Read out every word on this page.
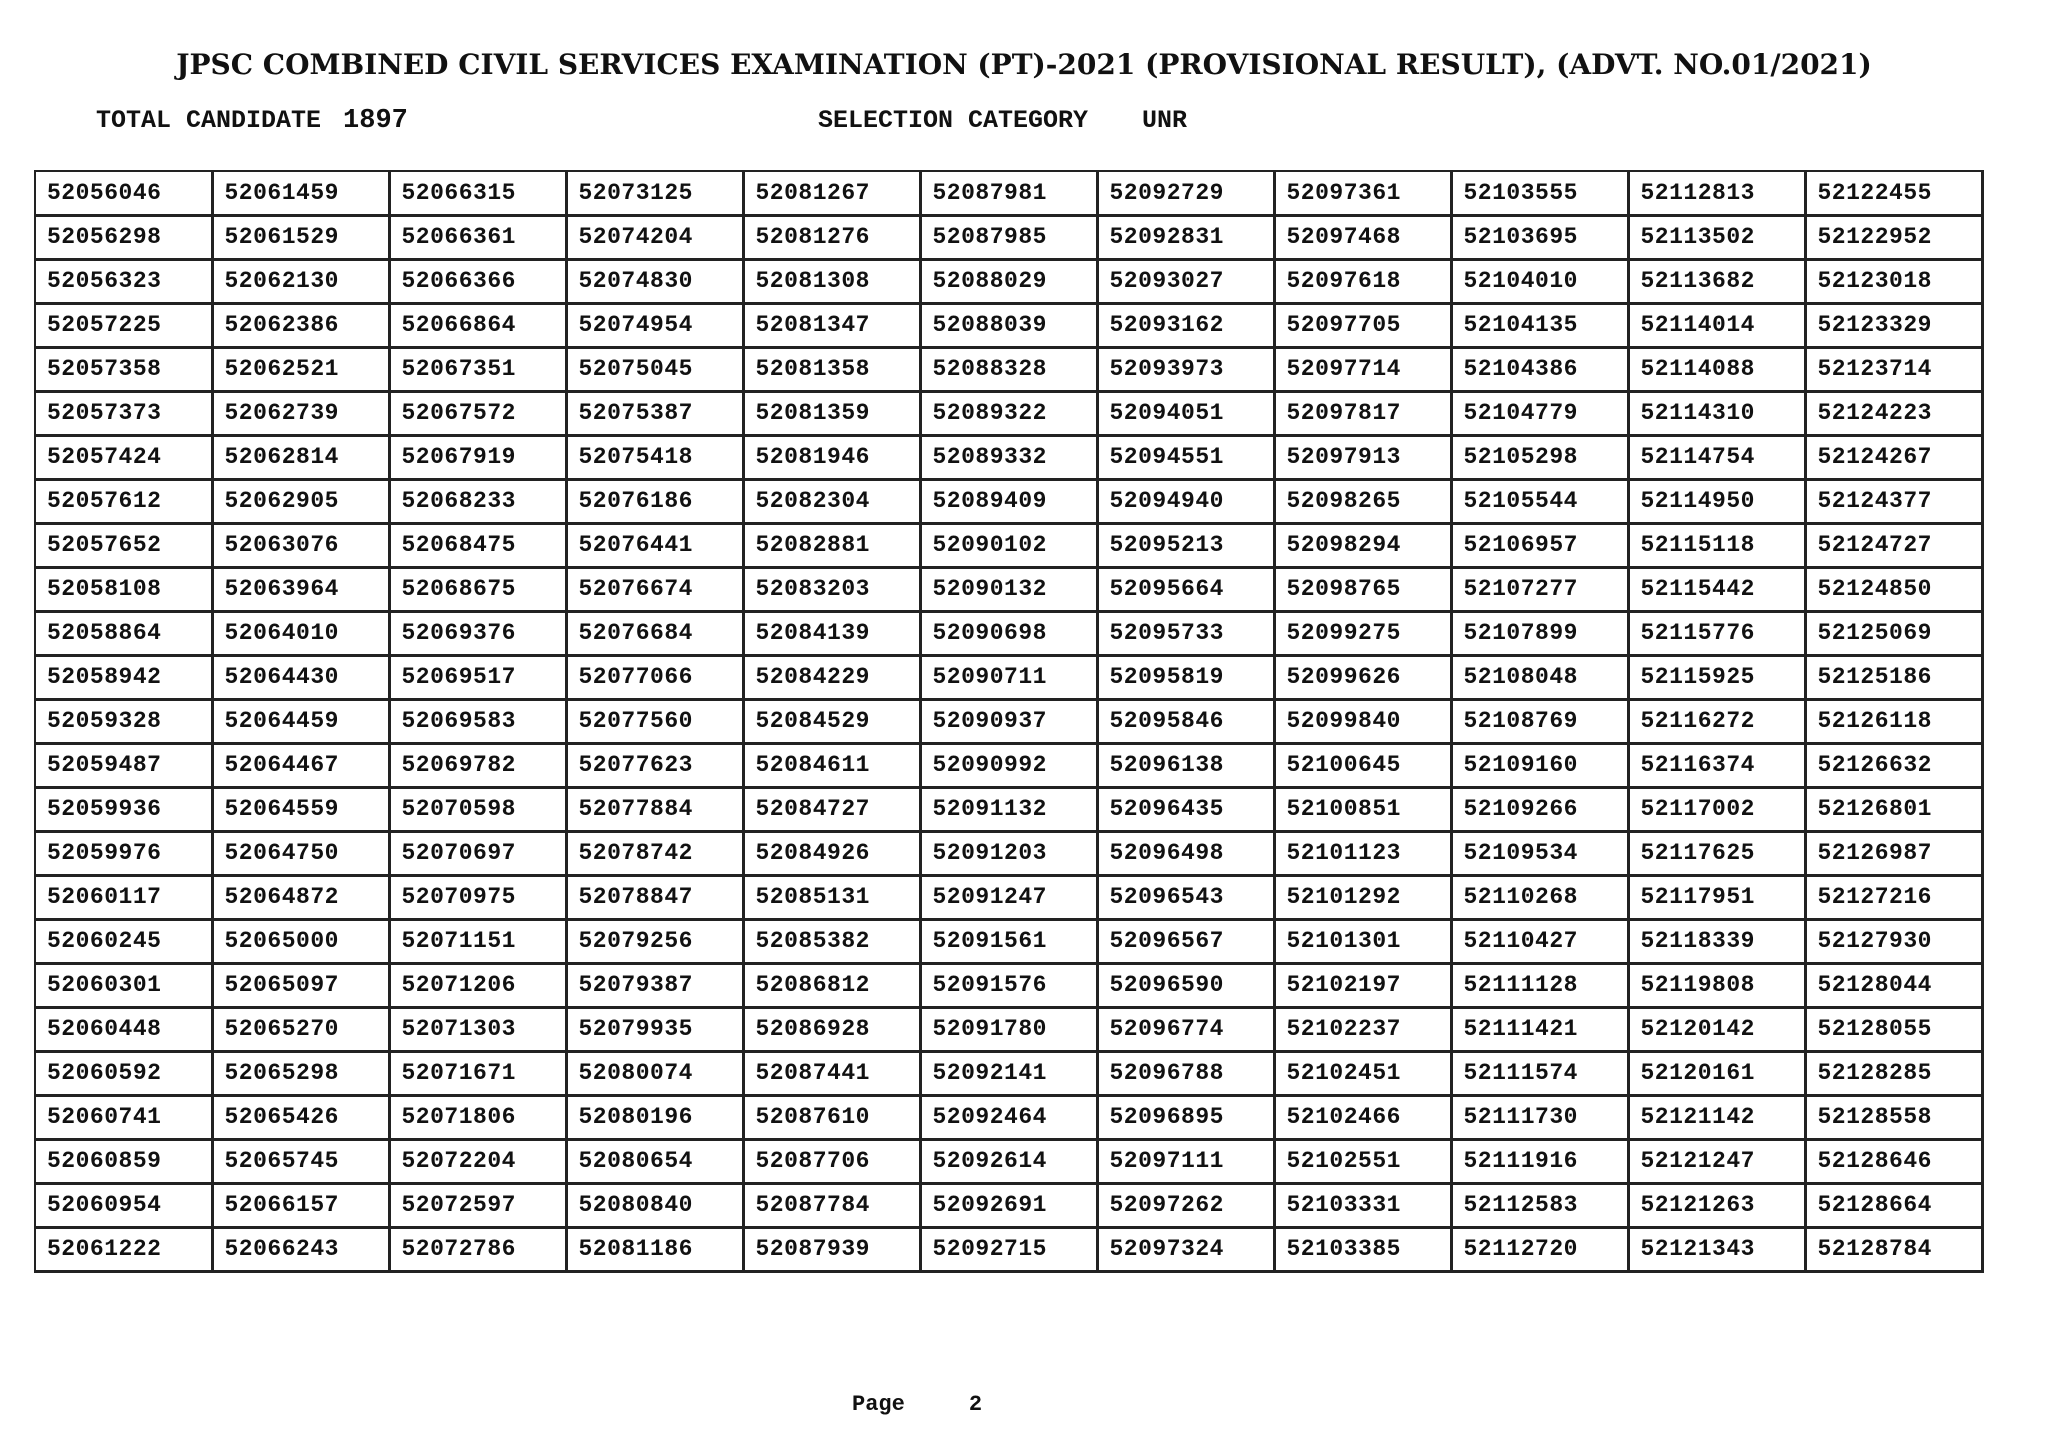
JPSC COMBINED CIVIL SERVICES EXAMINATION (PT)-2021 (PROVISIONAL RESULT), (ADVT. NO.01/2021)
TOTAL CANDIDATE 1897	SELECTION CATEGORY UNR
52056046	52061459	52066315	52073125	52081267	52087981	52092729	52097361	52103555	52112813	52122455
52056298	52061529	52066361	52074204	52081276	52087985	52092831	52097468	52103695	52113502	52122952
52056323	52062130	52066366	52074830	52081308	52088029	52093027	52097618	52104010	52113682	52123018
52057225	52062386	52066864	52074954	52081347	52088039	52093162	52097705	52104135	52114014	52123329
52057358	52062521	52067351	52075045	52081358	52088328	52093973	52097714	52104386	52114088	52123714
52057373	52062739	52067572	52075387	52081359	52089322	52094051	52097817	52104779	52114310	52124223
52057424	52062814	52067919	52075418	52081946	52089332	52094551	52097913	52105298	52114754	52124267
52057612	52062905	52068233	52076186	52082304	52089409	52094940	52098265	52105544	52114950	52124377
52057652	52063076	52068475	52076441	52082881	52090102	52095213	52098294	52106957	52115118	52124727
52058108	52063964	52068675	52076674	52083203	52090132	52095664	52098765	52107277	52115442	52124850
52058864	52064010	52069376	52076684	52084139	52090698	52095733	52099275	52107899	52115776	52125069
52058942	52064430	52069517	52077066	52084229	52090711	52095819	52099626	52108048	52115925	52125186
52059328	52064459	52069583	52077560	52084529	52090937	52095846	52099840	52108769	52116272	52126118
52059487	52064467	52069782	52077623	52084611	52090992	52096138	52100645	52109160	52116374	52126632
52059936	52064559	52070598	52077884	52084727	52091132	52096435	52100851	52109266	52117002	52126801
52059976	52064750	52070697	52078742	52084926	52091203	52096498	52101123	52109534	52117625	52126987
52060117	52064872	52070975	52078847	52085131	52091247	52096543	52101292	52110268	52117951	52127216
52060245	52065000	52071151	52079256	52085382	52091561	52096567	52101301	52110427	52118339	52127930
52060301	52065097	52071206	52079387	52086812	52091576	52096590	52102197	52111128	52119808	52128044
52060448	52065270	52071303	52079935	52086928	52091780	52096774	52102237	52111421	52120142	52128055
52060592	52065298	52071671	52080074	52087441	52092141	52096788	52102451	52111574	52120161	52128285
52060741	52065426	52071806	52080196	52087610	52092464	52096895	52102466	52111730	52121142	52128558
52060859	52065745	52072204	52080654	52087706	52092614	52097111	52102551	52111916	52121247	52128646
52060954	52066157	52072597	52080840	52087784	52092691	52097262	52103331	52112583	52121263	52128664
52061222	52066243	52072786	52081186	52087939	52092715	52097324	52103385	52112720	52121343	52128784
Page	2
